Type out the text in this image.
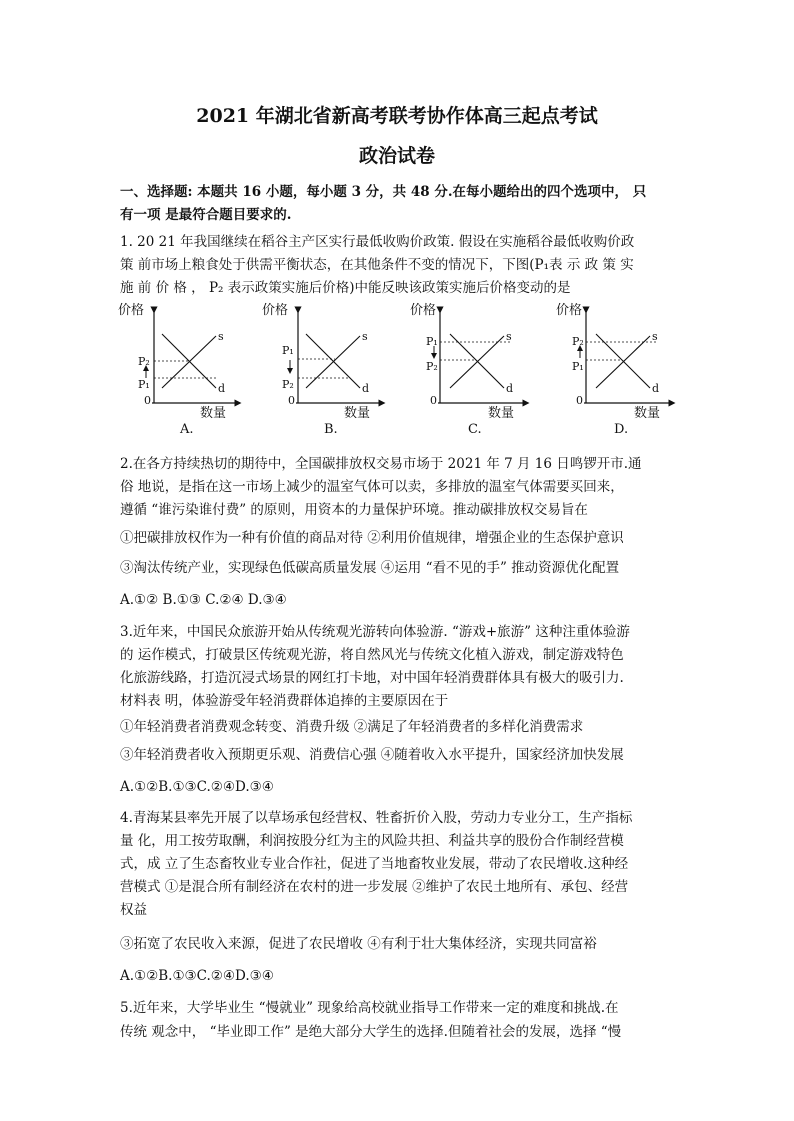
2021 年湖北省新高考联考协作体高三起点考试
政治试卷

一、选择题: 本题共 16 小题，每小题 3 分，共 48 分.在每小题给出的四个选项中， 只

有一项 是最符合题目要求的.

1. 20 21 年我国继续在稻谷主产区实行最低收购价政策. 假设在实施稻谷最低收购价政

策 前市场上粮食处于供需平衡状态，在其他条件不变的情况下，下图(P₁表 示 政 策 实

施 前 价 格 ， P₂ 表示政策实施后价格)中能反映该政策实施后价格变动的是

价格
0
数量
s
d
P₂
P₁
A.
价格
0
数量
s
d
P₁
P₂
B.
价格
0
数量
s
d
P₁
P₂
C.
价格
0
数量
s
d
P₂
P₁
D.

2.在各方持续热切的期待中，全国碳排放权交易市场于 2021 年 7 月 16 日鸣锣开市.通

俗 地说，是指在这一市场上减少的温室气体可以卖，多排放的温室气体需要买回来，

遵循 “谁污染谁付费” 的原则，用资本的力量保护环境。推动碳排放权交易旨在

①把碳排放权作为一种有价值的商品对待 ②利用价值规律，增强企业的生态保护意识

③淘汰传统产业，实现绿色低碳高质量发展 ④运用 “看不见的手” 推动资源优化配置

A.①② B.①③ C.②④ D.③④

3.近年来，中国民众旅游开始从传统观光游转向体验游. “游戏+旅游” 这种注重体验游

的 运作模式，打破景区传统观光游，将自然风光与传统文化植入游戏，制定游戏特色

化旅游线路，打造沉浸式场景的网红打卡地，对中国年轻消费群体具有极大的吸引力.

材料表 明，体验游受年轻消费群体追捧的主要原因在于

①年轻消费者消费观念转变、消费升级 ②满足了年轻消费者的多样化消费需求

③年轻消费者收入预期更乐观、消费信心强 ④随着收入水平提升，国家经济加快发展

A.①②B.①③C.②④D.③④

4.青海某县率先开展了以草场承包经营权、牲畜折价入股，劳动力专业分工，生产指标

量 化，用工按劳取酬，利润按股分红为主的风险共担、利益共享的股份合作制经营模

式，成 立了生态畜牧业专业合作社，促进了当地畜牧业发展，带动了农民增收.这种经

营模式 ①是混合所有制经济在农村的进一步发展 ②维护了农民土地所有、承包、经营

权益

③拓宽了农民收入来源，促进了农民增收 ④有利于壮大集体经济，实现共同富裕

A.①②B.①③C.②④D.③④

5.近年来，大学毕业生 “慢就业” 现象给高校就业指导工作带来一定的难度和挑战.在

传统 观念中， “毕业即工作” 是绝大部分大学生的选择.但随着社会的发展，选择 “慢
